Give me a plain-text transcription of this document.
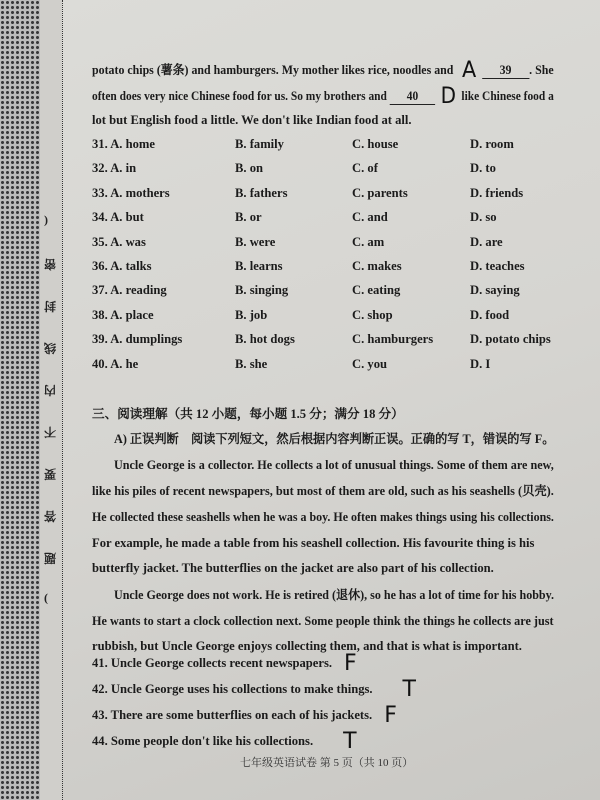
(
密
封
线
内
不
要
答
题
)
potato chips (薯条) and hamburgers. My mother likes rice, noodles and A 39 . She
often does very nice Chinese food for us. So my brothers and 40 D like Chinese food a
lot but English food a little. We don't like Indian food at all.
31. A. home	B. family	C. house	D. room
32. A. in	B. on	C. of	D. to
33. A. mothers	B. fathers	C. parents	D. friends
34. A. but	B. or	C. and	D. so
35. A. was	B. were	C. am	D. are
36. A. talks	B. learns	C. makes	D. teaches
37. A. reading	B. singing	C. eating	D. saying
38. A. place	B. job	C. shop	D. food
39. A. dumplings	B. hot dogs	C. hamburgers	D. potato chips
40. A. he	B. she	C. you	D. I
三、阅读理解（共 12 小题，每小题 1.5 分；满分 18 分）
A) 正误判断　阅读下列短文，然后根据内容判断正误。正确的写 T，错误的写 F。
Uncle George is a collector. He collects a lot of unusual things. Some of them are new,
like his piles of recent newspapers, but most of them are old, such as his seashells (贝壳).
He collected these seashells when he was a boy. He often makes things using his collections.
For example, he made a table from his seashell collection. His favourite thing is his
butterfly jacket. The butterflies on the jacket are also part of his collection.
Uncle George does not work. He is retired (退休), so he has a lot of time for his hobby.
He wants to start a clock collection next. Some people think the things he collects are just
rubbish, but Uncle George enjoys collecting them, and that is what is important.
41. Uncle George collects recent newspapers. F
42. Uncle George uses his collections to make things. T
43. There are some butterflies on each of his jackets. F
44. Some people don't like his collections. T
七年级英语试卷 第 5 页（共 10 页）
